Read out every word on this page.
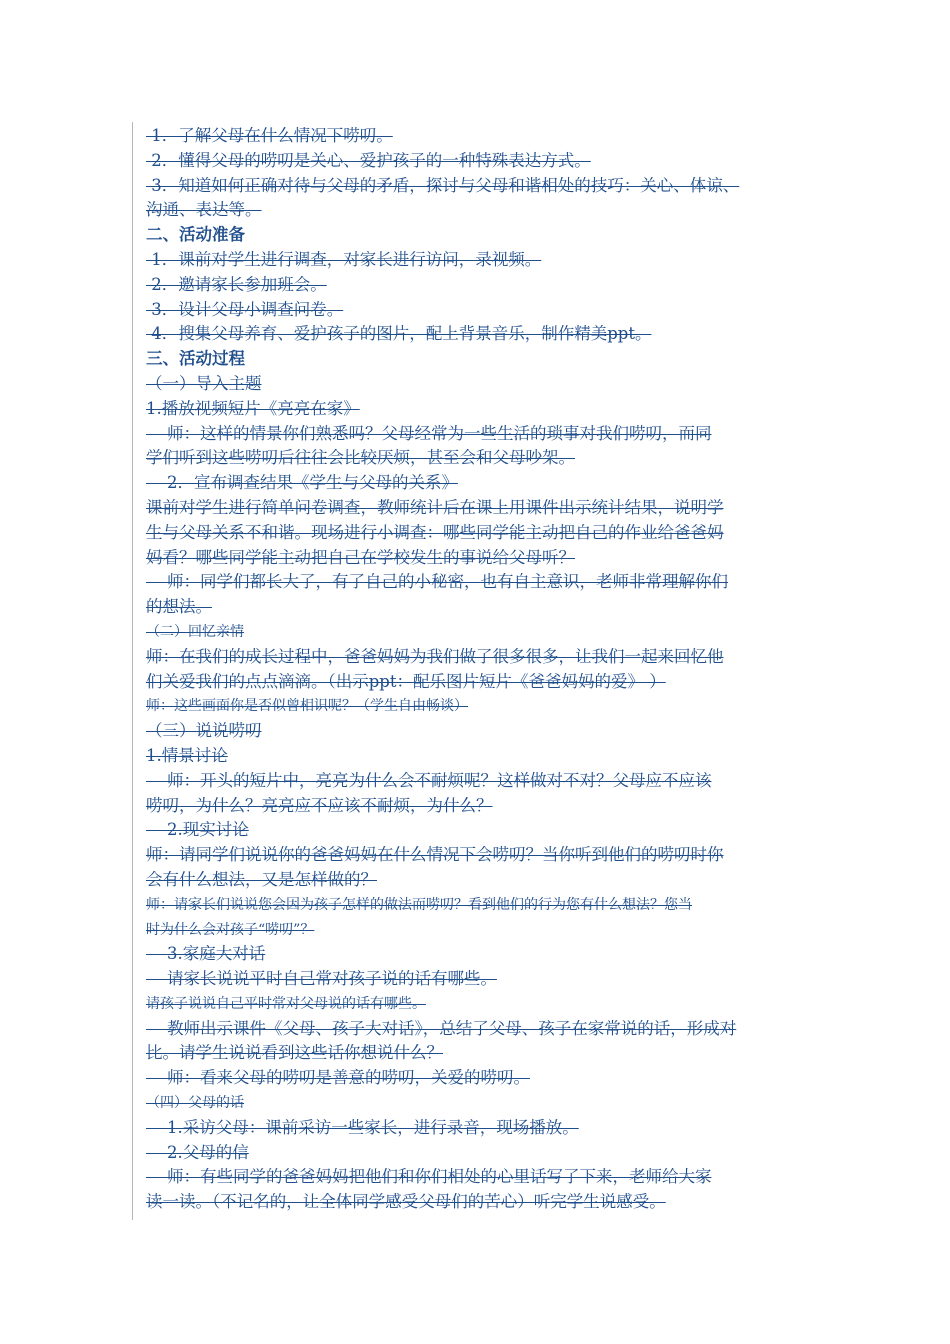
1．了解父母在什么情况下唠叨。
2．懂得父母的唠叨是关心、爱护孩子的一种特殊表达方式。
3．知道如何正确对待与父母的矛盾，探讨与父母和谐相处的技巧：关心、体谅、
沟通、表达等。
二、活动准备
1．课前对学生进行调查，对家长进行访问，录视频。
2．邀请家长参加班会。
3．设计父母小调查问卷。
4．搜集父母养育、爱护孩子的图片，配上背景音乐，制作精美ppt。
三、活动过程
（一）导入主题
1.播放视频短片《亮亮在家》
师：这样的情景你们熟悉吗？父母经常为一些生活的琐事对我们唠叨，而同
学们听到这些唠叨后往往会比较厌烦，甚至会和父母吵架。
2．宣布调查结果《学生与父母的关系》
课前对学生进行简单问卷调查，教师统计后在课上用课件出示统计结果，说明学
生与父母关系不和谐。现场进行小调查：哪些同学能主动把自己的作业给爸爸妈
妈看？哪些同学能主动把自己在学校发生的事说给父母听？
师：同学们都长大了，有了自己的小秘密，也有自主意识，老师非常理解你们
的想法。
（二）回忆亲情
师：在我们的成长过程中，爸爸妈妈为我们做了很多很多，让我们一起来回忆他
们关爱我们的点点滴滴。（出示ppt：配乐图片短片《爸爸妈妈的爱》 ）
师：这些画面你是否似曾相识呢？（学生自由畅谈）
（三）说说唠叨
1.情景讨论
师：开头的短片中，亮亮为什么会不耐烦呢？这样做对不对？父母应不应该
唠叨，为什么？亮亮应不应该不耐烦，为什么？
2.现实讨论
师：请同学们说说你的爸爸妈妈在什么情况下会唠叨？当你听到他们的唠叨时你
会有什么想法，又是怎样做的？
师：请家长们说说您会因为孩子怎样的做法而唠叨？看到他们的行为您有什么想法？您当
时为什么会对孩子“唠叨”？
3.家庭大对话
请家长说说平时自己常对孩子说的话有哪些。
请孩子说说自己平时常对父母说的话有哪些。
教师出示课件《父母、孩子大对话》，总结了父母、孩子在家常说的话，形成对
比。请学生说说看到这些话你想说什么？
师：看来父母的唠叨是善意的唠叨，关爱的唠叨。
（四）父母的话
1.采访父母：课前采访一些家长，进行录音，现场播放。
2.父母的信
师：有些同学的爸爸妈妈把他们和你们相处的心里话写了下来，老师给大家
读一读。（不记名的，让全体同学感受父母们的苦心）听完学生说感受。
